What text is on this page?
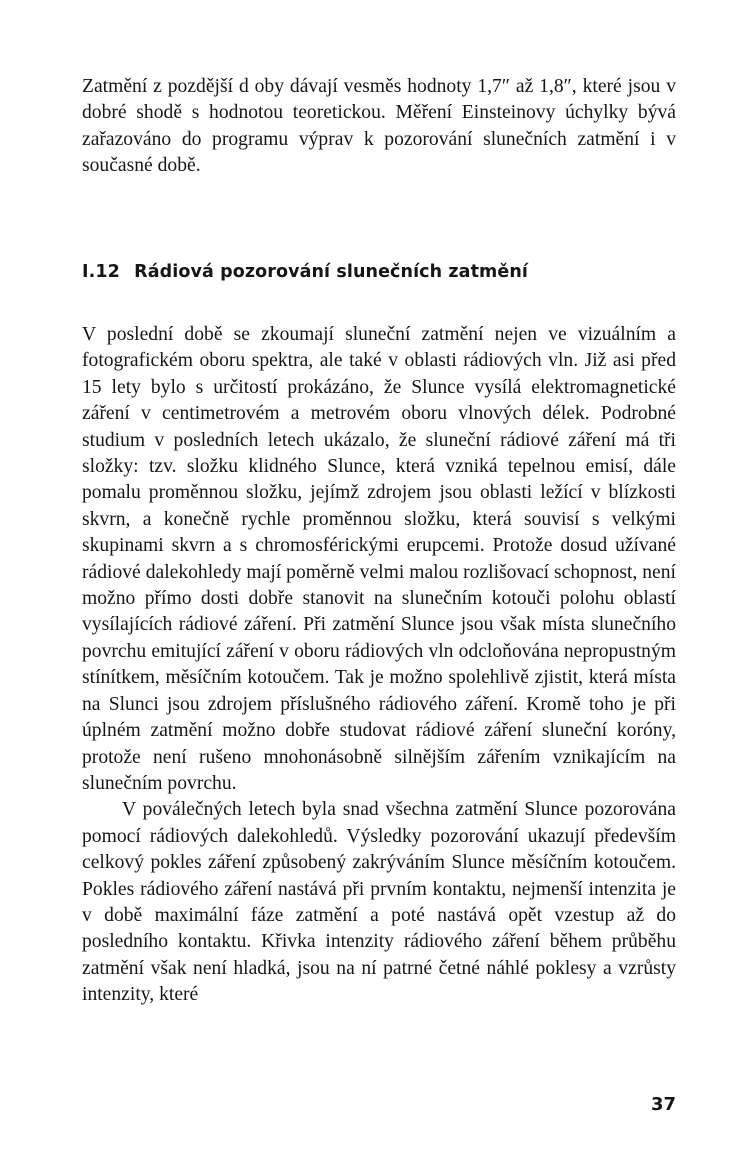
Zatmění z pozdější d oby dávají vesměs hodnoty 1,7″ až 1,8″, které jsou v dobré shodě s hodnotou teoretickou. Měření Einsteinovy úchylky bývá zařazováno do programu výprav k pozorování slunečních zatmění i v současné době.

I.12 Rádiová pozorování slunečních zatmění

V poslední době se zkoumají sluneční zatmění nejen ve vizuálním a fotografickém oboru spektra, ale také v oblasti rádiových vln. Již asi před 15 lety bylo s určitostí prokázáno, že Slunce vysílá elektromagnetické záření v centimetrovém a metrovém oboru vlnových délek. Podrobné studium v posledních letech ukázalo, že sluneční rádiové záření má tři složky: tzv. složku klidného Slunce, která vzniká tepelnou emisí, dále pomalu proměnnou složku, jejímž zdrojem jsou oblasti ležící v blízkosti skvrn, a konečně rychle proměnnou složku, která souvisí s velkými skupinami skvrn a s chromosférickými erupcemi. Protože dosud užívané rádiové dalekohledy mají poměrně velmi malou rozlišovací schopnost, není možno přímo dosti dobře stanovit na slunečním kotouči polohu oblastí vysílajících rádiové záření. Při zatmění Slunce jsou však místa slunečního povrchu emitující záření v oboru rádiových vln odcloňována nepropustným stínítkem, měsíčním kotoučem. Tak je možno spolehlivě zjistit, která místa na Slunci jsou zdrojem příslušného rádiového záření. Kromě toho je při úplném zatmění možno dobře studovat rádiové záření sluneční koróny, protože není rušeno mnohonásobně silnějším zářením vznikajícím na slunečním povrchu.

V poválečných letech byla snad všechna zatmění Slunce pozorována pomocí rádiových dalekohledů. Výsledky pozorování ukazují především celkový pokles záření způsobený zakrýváním Slunce měsíčním kotoučem. Pokles rádiového záření nastává při prvním kontaktu, nejmenší intenzita je v době maximální fáze zatmění a poté nastává opět vzestup až do posledního kontaktu. Křivka intenzity rádiového záření během průběhu zatmění však není hladká, jsou na ní patrné četné náhlé poklesy a vzrůsty intenzity, které

37
